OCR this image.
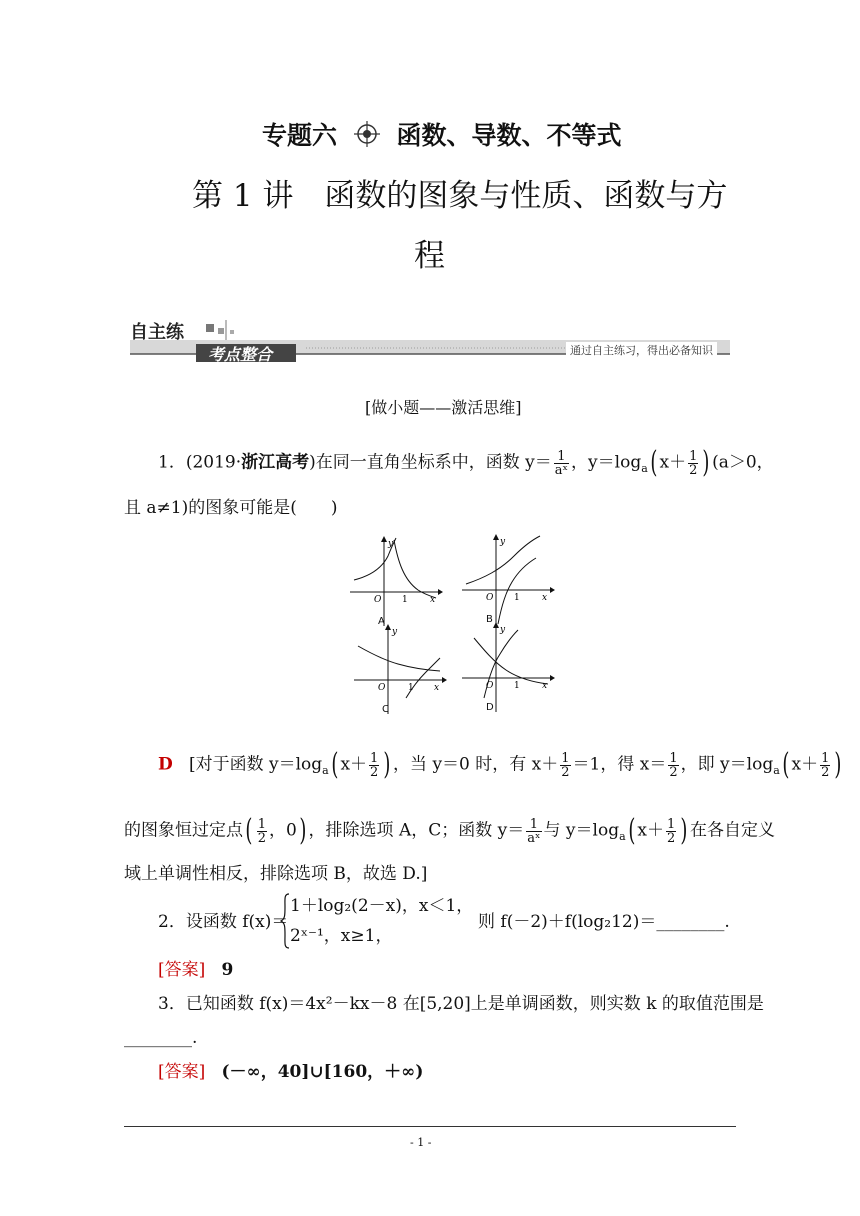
专题六 函数、导数、不等式
第 1 讲　函数的图象与性质、函数与方
程
自主练
考点整合	通过自主练习，得出必备知识
[做小题——激活思维]
1．(2019·浙江高考)在同一直角坐标系中，函数 $y= \frac{1}{\text{aˣ}}$ ，$y=\log_a$( $x+ \frac{1}{2}$ ) (a＞0，
且 a≠1)的图象可能是(　　)
O 1 x
y
A
O 1 x
y
B
O	1 x
y
C
O 1 x
y
D
D [对于函数 $y=\log_a$( $x+ \frac{1}{2}$ ) ，当 y＝0 时，有 $x+ \frac{1}{2} =1$，得 $x= \frac{1}{2}$ ，即 $y=\log_a$( $x+ \frac{1}{2}$ )
的图象恒过定点( $\frac{1}{2}$ ，0) ，排除选项 A，C；函数 $y= \frac{1}{\text{aˣ}}$ 与 $y=\log_a$( $x+ \frac{1}{2}$ ) 在各自定义
域上单调性相反，排除选项 B，故选 D.]
2．设函数 f(x)＝
1＋log₂(2－x)，x＜1，
2ˣ⁻¹，x≥1，
则 f(－2)＋f(log₂12)＝________.
[答案] 9
3．已知函数 f(x)＝4x²－kx－8 在[5,20]上是单调函数，则实数 k 的取值范围是
________.
[答案] (－∞，40]∪[160，＋∞)
- 1 -
